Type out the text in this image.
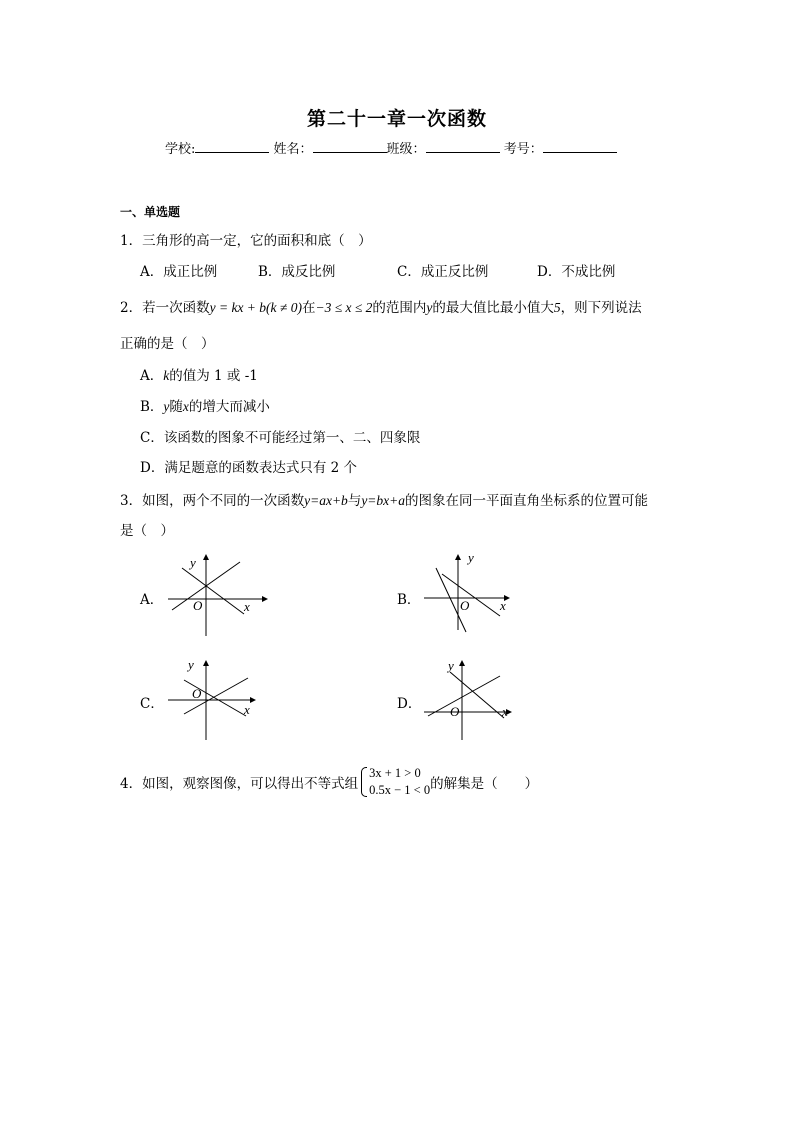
第二十一章一次函数
学校:	姓名：	班级：	考号：
一、单选题
1．三角形的高一定，它的面积和底（　）
A．成正比例	B．成反比例	C．成正反比例	D．不成比例
2．若一次函数y = kx + b(k ≠ 0)在−3 ≤ x ≤ 2的范围内y的最大值比最小值大5，则下列说法
正确的是（　）
A．k的值为 1 或 -1
B．y随x的增大而减小
C．该函数的图象不可能经过第一、二、四象限
D．满足题意的函数表达式只有 2 个
3．如图，两个不同的一次函数y=ax+b与y=bx+a的图象在同一平面直角坐标系的位置可能
是（　）
A．
y
O	x	B．
y
O x
C．
y
O
x	D．
y
O	x
4．如图，观察图像，可以得出不等式组
3x + 1 > 0
0.5x − 1 < 0 的解集是（　　）
